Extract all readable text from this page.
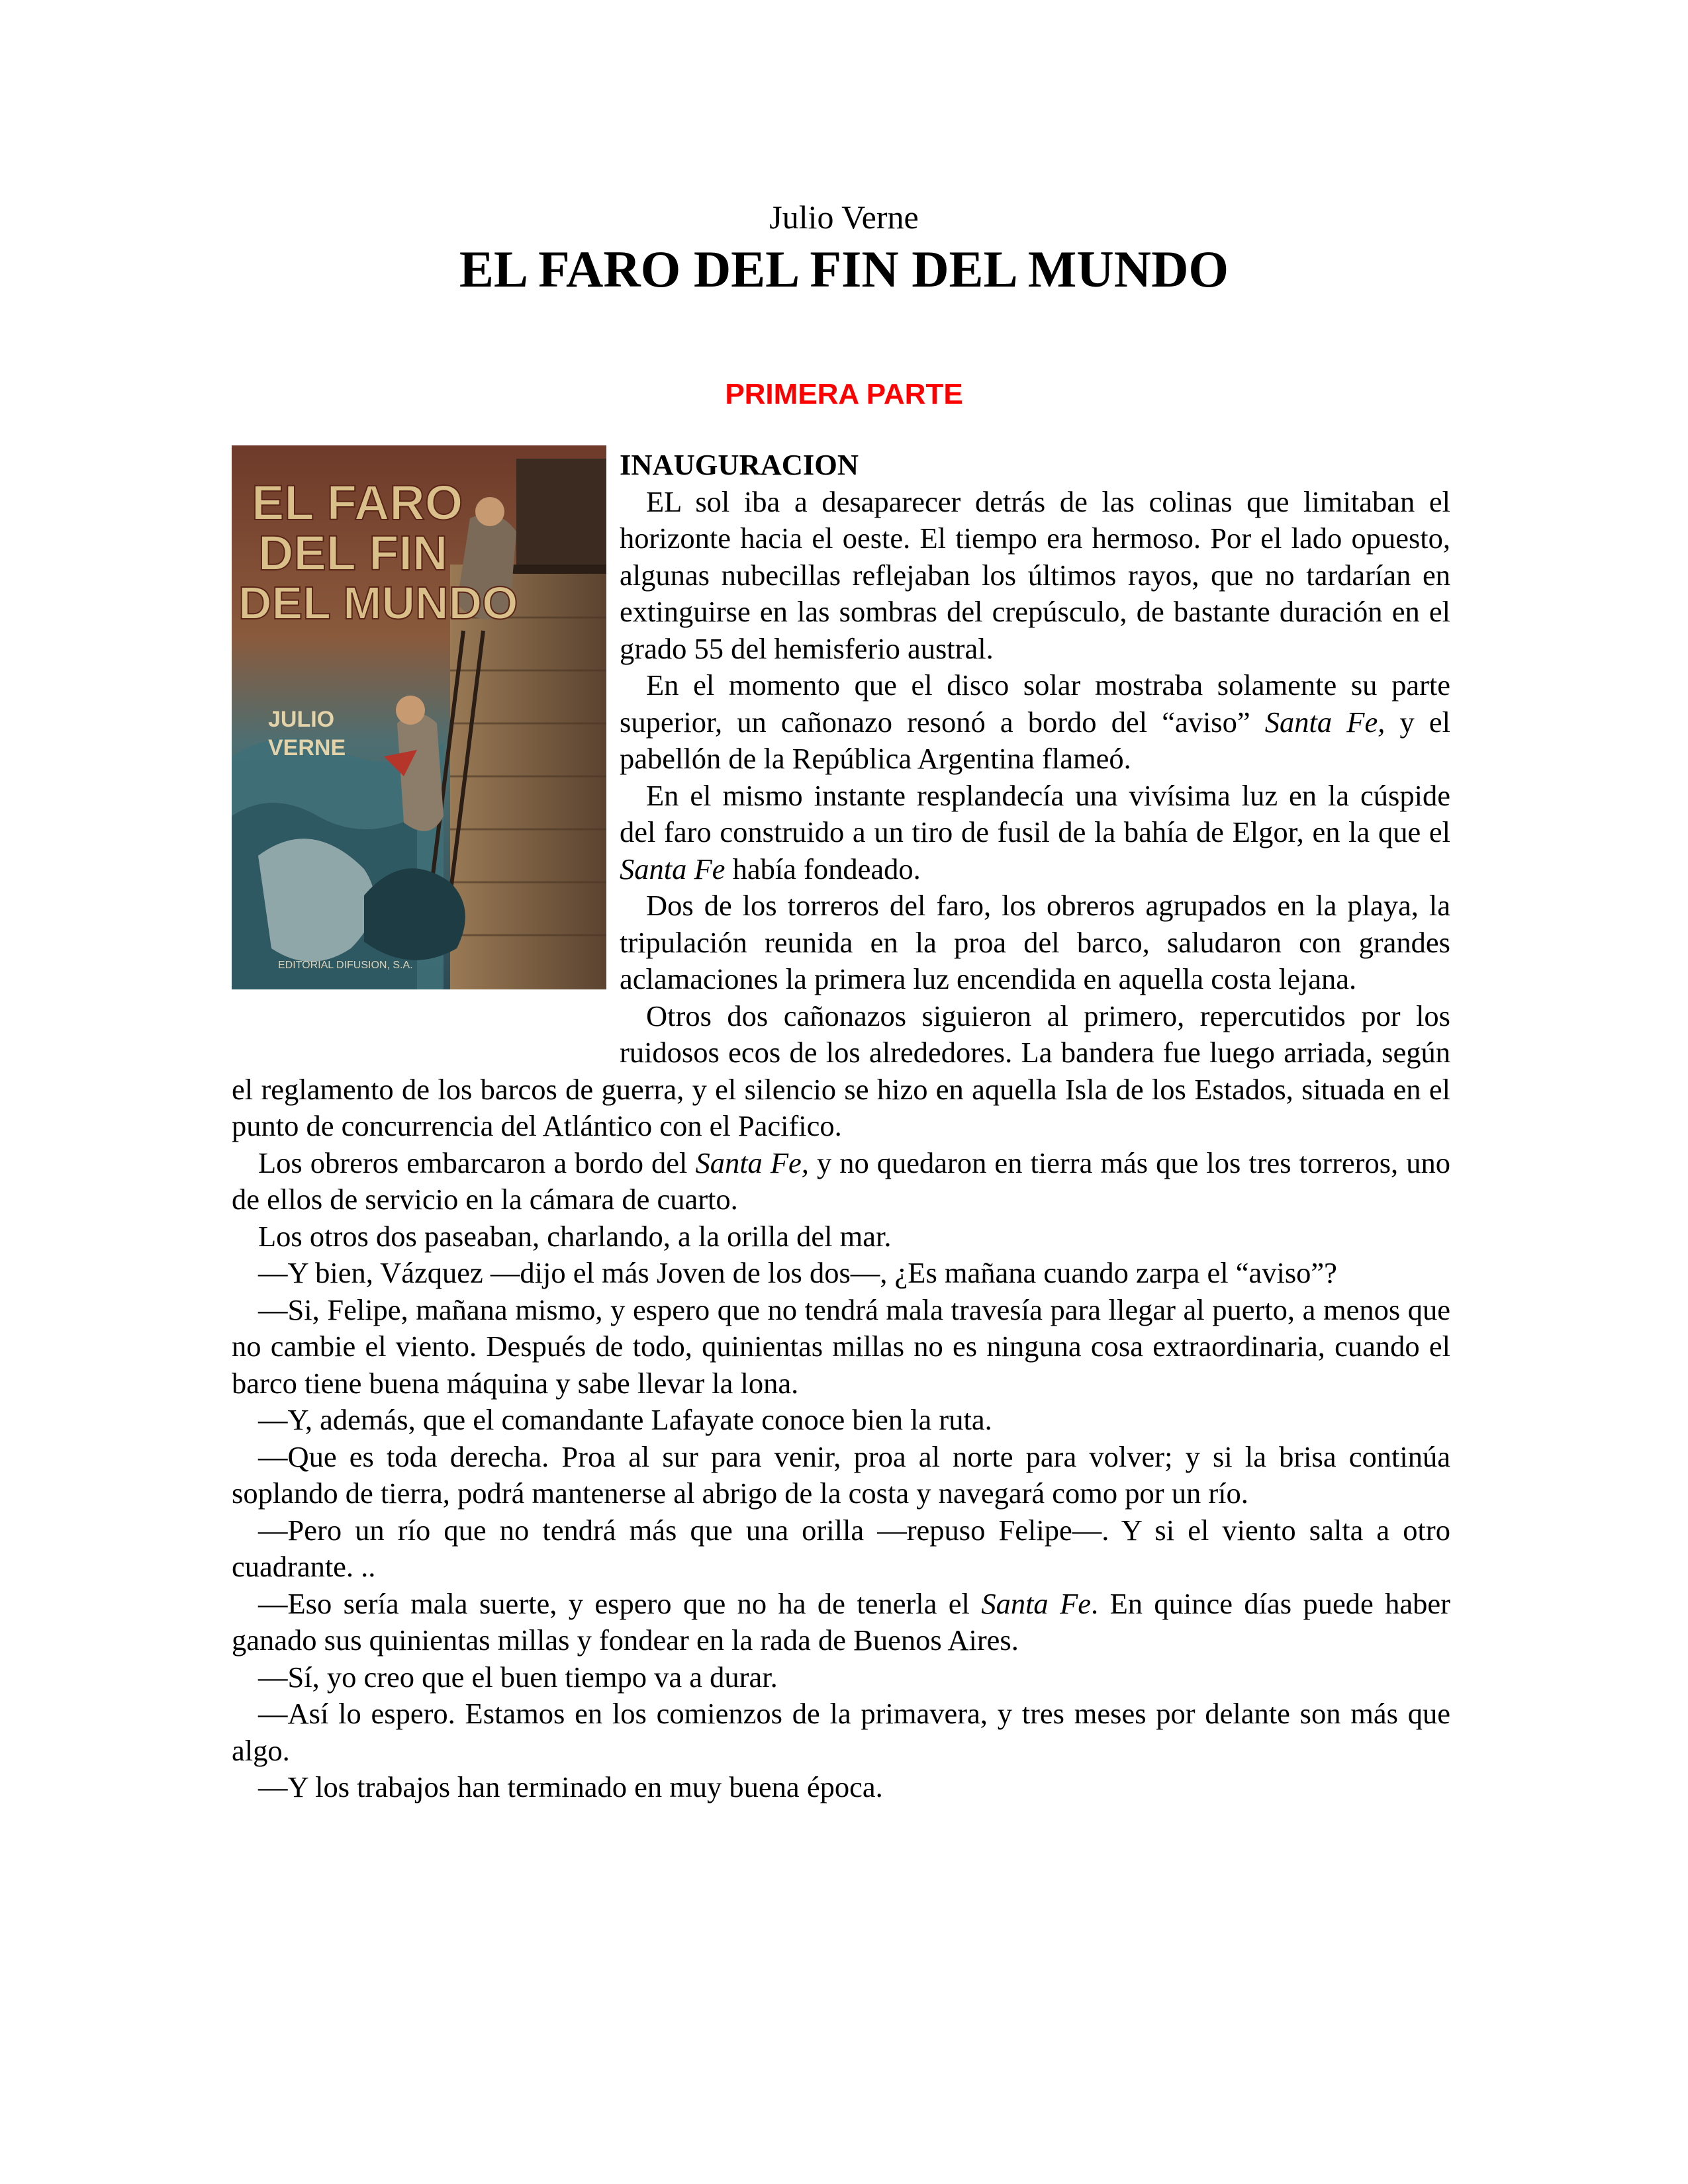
Julio Verne
EL FARO DEL FIN DEL MUNDO
PRIMERA PARTE
EL FARO
DEL FIN
DEL MUNDO
JULIO
VERNE
EDITORIAL DIFUSION, S.A.

INAUGURACION

EL sol iba a desaparecer detrás de las colinas que limitaban el horizonte hacia el oeste. El tiempo era hermoso. Por el lado opuesto, algunas nubecillas reflejaban los últimos rayos, que no tardarían en extinguirse en las sombras del crepúsculo, de bastante duración en el grado 55 del hemisferio austral.

En el momento que el disco solar mostraba solamente su parte superior, un cañonazo resonó a bordo del “aviso” Santa Fe, y el pabellón de la República Argentina flameó.

En el mismo instante resplandecía una vivísima luz en la cúspide del faro construido a un tiro de fusil de la bahía de Elgor, en la que el Santa Fe había fondeado.

Dos de los torreros del faro, los obreros agrupados en la playa, la tripulación reunida en la proa del barco, saludaron con grandes aclamaciones la primera luz encendida en aquella costa lejana.

Otros dos cañonazos siguieron al primero, repercutidos por los ruidosos ecos de los alrededores. La bandera fue luego arriada, según el reglamento de los barcos de guerra, y el silencio se hizo en aquella Isla de los Estados, situada en el punto de concurrencia del Atlántico con el Pacifico.

Los obreros embarcaron a bordo del Santa Fe, y no quedaron en tierra más que los tres torreros, uno de ellos de servicio en la cámara de cuarto.

Los otros dos paseaban, charlando, a la orilla del mar.

—Y bien, Vázquez —dijo el más Joven de los dos—, ¿Es mañana cuando zarpa el “aviso”?

—Si, Felipe, mañana mismo, y espero que no tendrá mala travesía para llegar al puerto, a menos que no cambie el viento. Después de todo, quinientas millas no es ninguna cosa extraordinaria, cuando el barco tiene buena máquina y sabe llevar la lona.

—Y, además, que el comandante Lafayate conoce bien la ruta.

—Que es toda derecha. Proa al sur para venir, proa al norte para volver; y si la brisa continúa soplando de tierra, podrá mantenerse al abrigo de la costa y navegará como por un río.

—Pero un río que no tendrá más que una orilla —repuso Felipe—. Y si el viento salta a otro cuadrante. ..

—Eso sería mala suerte, y espero que no ha de tenerla el Santa Fe. En quince días puede haber ganado sus quinientas millas y fondear en la rada de Buenos Aires.

—Sí, yo creo que el buen tiempo va a durar.

—Así lo espero. Estamos en los comienzos de la primavera, y tres meses por delante son más que algo.

—Y los trabajos han terminado en muy buena época.
